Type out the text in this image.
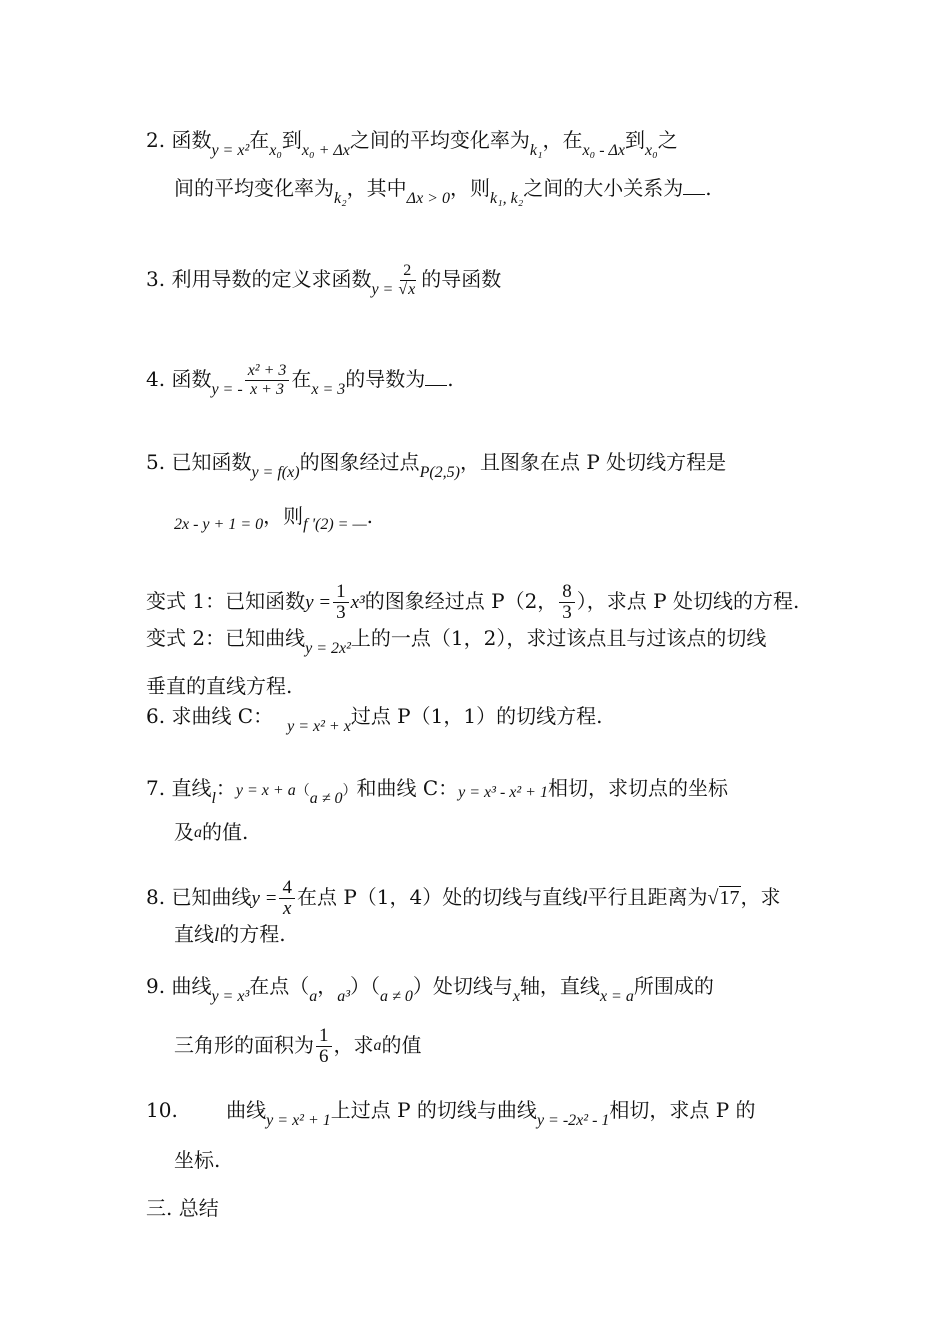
2. 函数y = x²在x₀到x₀ + Δx之间的平均变化率为k₁，在x₀ - Δx到x₀之
间的平均变化率为k₂，其中Δx > 0，则k₁, k₂之间的大小关系为 .
3. 利用导数的定义求函数$y = \frac{2}{√x}$ 的导函数
4. 函数y = - $\frac{\text{x² + 3}}{x + 3}$ 在x = 3的导数为 .
5. 已知函数y = f(x)的图象经过点P(2,5)，且图象在点 P 处切线方程是
2x - y + 1 = 0，则f '(2) = —.
变式 1：已知函数$y = \frac{1}{3} x^3$的图象经过点 P（2， $\frac{8}{3}$ ），求点 P 处切线的方程.
变式 2：已知曲线y = 2x²上的一点（1，2），求过该点且与过该点的切线
垂直的直线方程.
6. 求曲线 C： y = x² + x过点 P（1，1）的切线方程.
7. 直线l：y = x + a（a ≠ 0）和曲线 C：y = x³ - x² + 1相切，求切点的坐标
及a的值.
8. 已知曲线$y = \frac{4}{x}$ 在点 P（1，4）处的切线与直线l平行且距离为√17，求
直线l的方程.
9. 曲线y = x³在点（a，a³）（a ≠ 0）处切线与x轴，直线x = a所围成的
三角形的面积为 $\frac{1}{6}$ ，求a的值
10. 曲线y = x² + 1上过点 P 的切线与曲线y = -2x² - 1相切，求点 P 的
坐标.
三. 总结
